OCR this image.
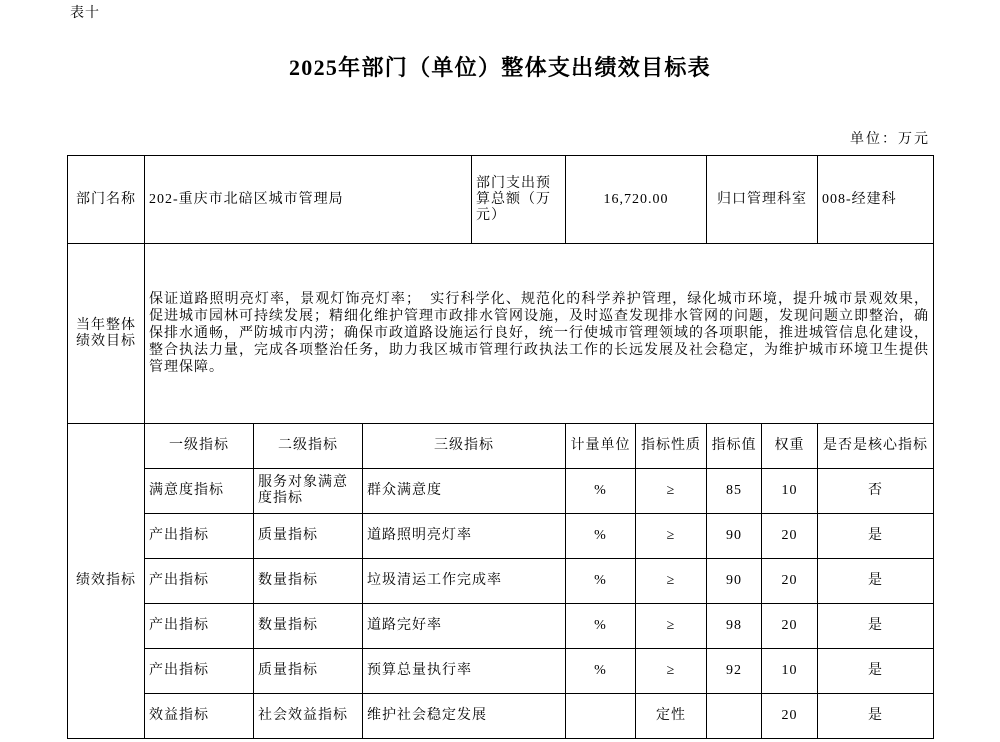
表十
2025年部门（单位）整体支出绩效目标表
单位：万元
部门名称	202-重庆市北碚区城市管理局			部门支出预算总额（万元）	16,720.00		归口管理科室		008-经建科
当年整体绩效目标	保证道路照明亮灯率，景观灯饰亮灯率；  实行科学化、规范化的科学养护管理，绿化城市环境，提升城市景观效果，促进城市园林可持续发展；精细化维护管理市政排水管网设施，及时巡查发现排水管网的问题，发现问题立即整治，确保排水通畅，严防城市内涝；确保市政道路设施运行良好，统一行使城市管理领域的各项职能，推进城管信息化建设，整合执法力量，完成各项整治任务，助力我区城市管理行政执法工作的长远发展及社会稳定，为维护城市环境卫生提供管理保障。								
绩效指标	一级指标	二级指标	三级指标		计量单位	指标性质	指标值	权重	是否是核心指标
	满意度指标	服务对象满意度指标	群众满意度		%	≥	85	10	否
	产出指标	质量指标	道路照明亮灯率		%	≥	90	20	是
	产出指标	数量指标	垃圾清运工作完成率		%	≥	90	20	是
	产出指标	数量指标	道路完好率		%	≥	98	20	是
	产出指标	质量指标	预算总量执行率		%	≥	92	10	是
	效益指标	社会效益指标	维护社会稳定发展			定性		20	是
